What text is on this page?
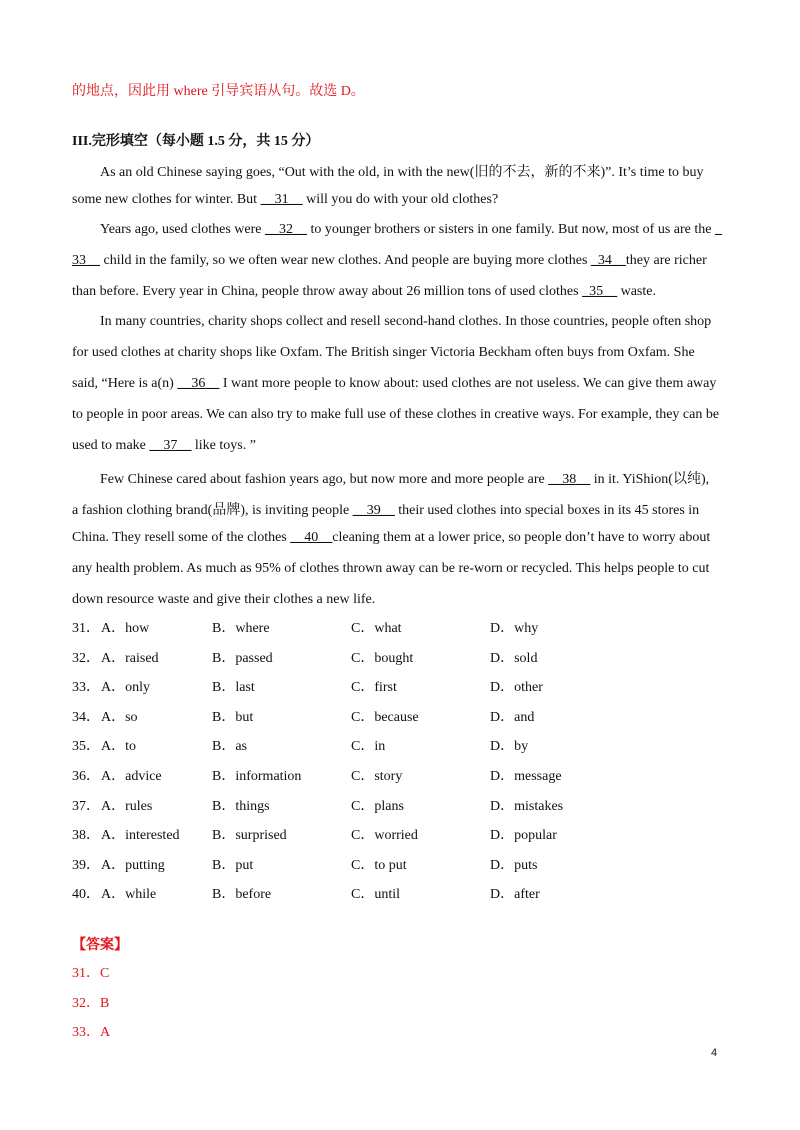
的地点，因此用 where 引导宾语从句。故选 D。
III.完形填空（每小题 1.5 分，共 15 分）
As an old Chinese saying goes, “Out with the old, in with the new(旧的不去，新的不来)”. It’s time to buy
some new clothes for winter. But __31__ will you do with your old clothes?
Years ago, used clothes were __32__ to younger brothers or sisters in one family. But now, most of us are the _
33__ child in the family, so we often wear new clothes. And people are buying more clothes _34__they are richer
than before. Every year in China, people throw away about 26 million tons of used clothes _35__ waste.
In many countries, charity shops collect and resell second-hand clothes. In those countries, people often shop
for used clothes at charity shops like Oxfam. The British singer Victoria Beckham often buys from Oxfam. She
said, “Here is a(n) __36__ I want more people to know about: used clothes are not useless. We can give them away
to people in poor areas. We can also try to make full use of these clothes in creative ways. For example, they can be
used to make __37__ like toys. ”
Few Chinese cared about fashion years ago, but now more and more people are __38__ in it. YiShion(以纯),
a fashion clothing brand(品牌), is inviting people __39__ their used clothes into special boxes in its 45 stores in
China. They resell some of the clothes __40__cleaning them at a lower price, so people don’t have to worry about
any health problem. As much as 95% of clothes thrown away can be re-worn or recycled. This helps people to cut
down resource waste and give their clothes a new life.
31． A．how	B．where	C．what	D．why
32． A．raised	B．passed	C．bought	D．sold
33． A．only	B．last	C．first	D．other
34． A．so	B．but	C．because	D．and
35． A．to	B．as	C．in	D．by
36． A．advice	B．information	C．story	D．message
37． A．rules	B．things	C．plans	D．mistakes
38． A．interested B．surprised	C．worried	D．popular
39． A．putting	B．put	C．to put	D．puts
40． A．while	B．before	C．until	D．after
【答案】
31．C
32．B
33．A
4
